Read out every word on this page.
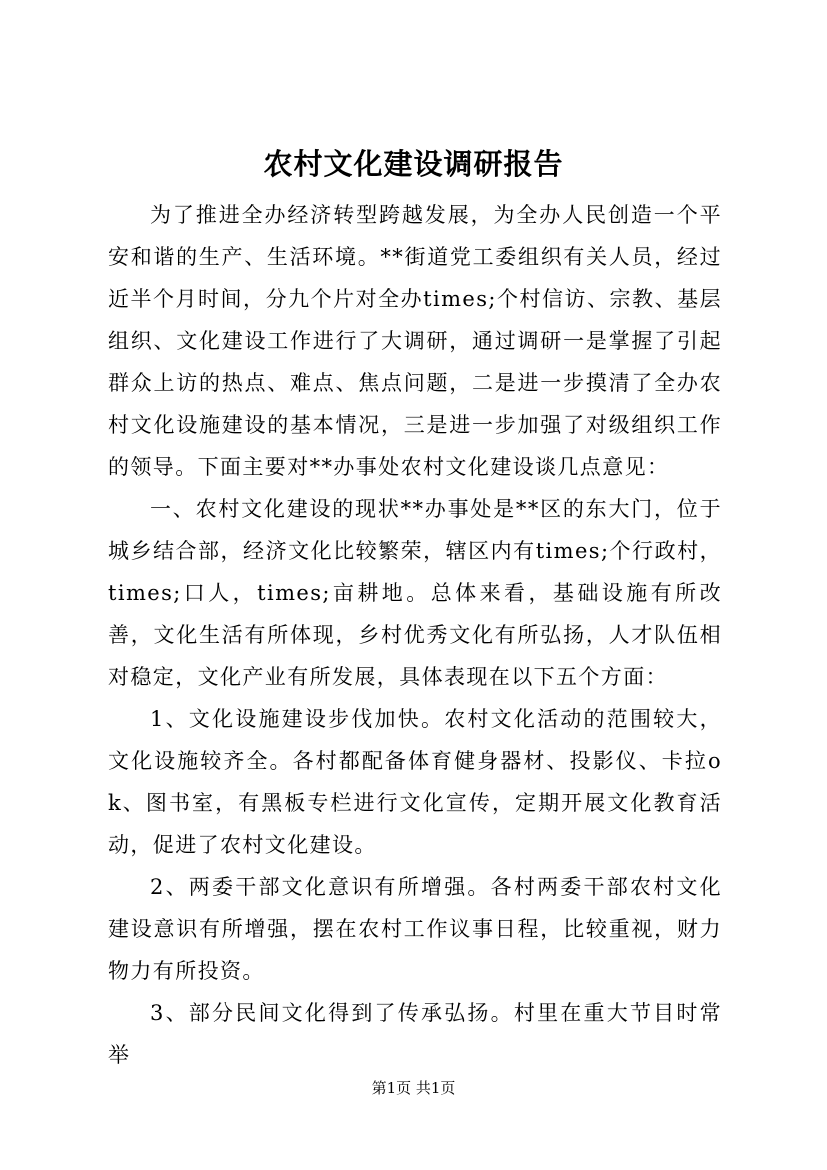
农村文化建设调研报告

为了推进全办经济转型跨越发展，为全办人民创造一个平安和谐的生产、生活环境。**街道党工委组织有关人员，经过近半个月时间，分九个片对全办times;个村信访、宗教、基层组织、文化建设工作进行了大调研，通过调研一是掌握了引起群众上访的热点、难点、焦点问题，二是进一步摸清了全办农村文化设施建设的基本情况，三是进一步加强了对级组织工作的领导。下面主要对**办事处农村文化建设谈几点意见：

一、农村文化建设的现状**办事处是**区的东大门，位于城乡结合部，经济文化比较繁荣，辖区内有times;个行政村，times;口人，times;亩耕地。总体来看，基础设施有所改善，文化生活有所体现，乡村优秀文化有所弘扬，人才队伍相对稳定，文化产业有所发展，具体表现在以下五个方面：

1、文化设施建设步伐加快。农村文化活动的范围较大，文化设施较齐全。各村都配备体育健身器材、投影仪、卡拉ok、图书室，有黑板专栏进行文化宣传，定期开展文化教育活动，促进了农村文化建设。

2、两委干部文化意识有所增强。各村两委干部农村文化建设意识有所增强，摆在农村工作议事日程，比较重视，财力物力有所投资。

3、部分民间文化得到了传承弘扬。村里在重大节目时常举

第1页 共1页
